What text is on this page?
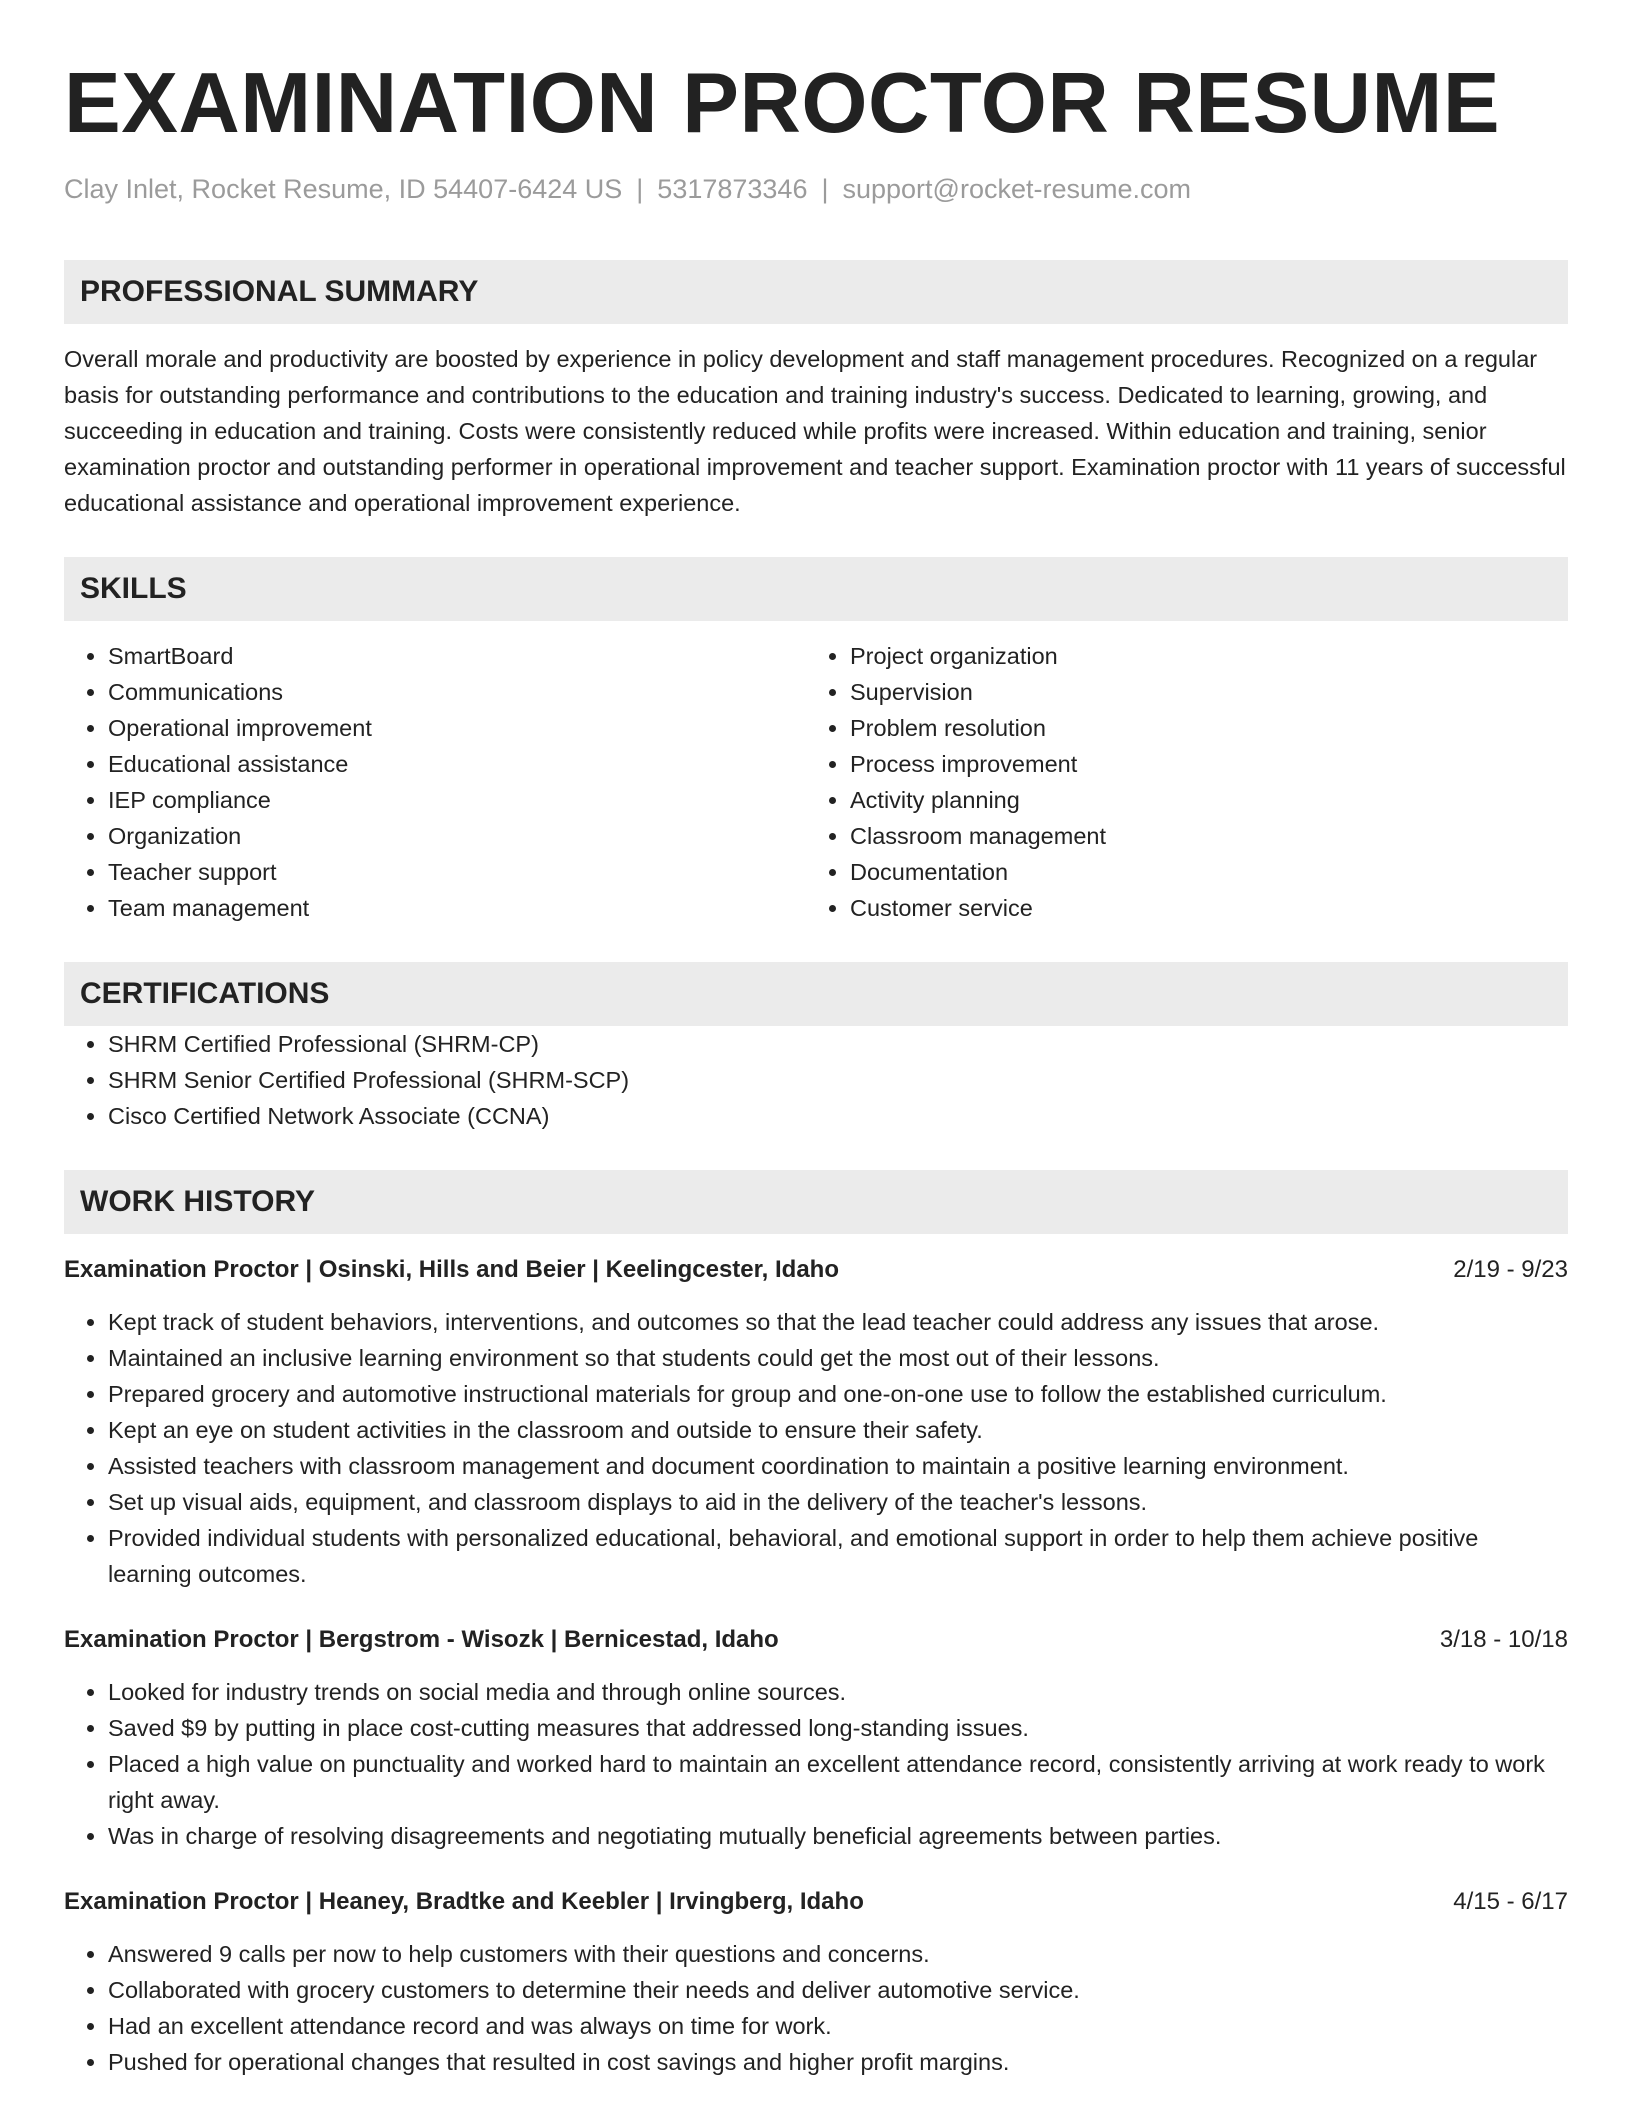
EXAMINATION PROCTOR RESUME
Clay Inlet, Rocket Resume, ID 54407-6424 US | 5317873346 | support@rocket-resume.com
PROFESSIONAL SUMMARY

Overall morale and productivity are boosted by experience in policy development and staff management procedures. Recognized on a regular basis for outstanding performance and contributions to the education and training industry's success. Dedicated to learning, growing, and succeeding in education and training. Costs were consistently reduced while profits were increased. Within education and training, senior examination proctor and outstanding performer in operational improvement and teacher support. Examination proctor with 11 years of successful educational assistance and operational improvement experience.

SKILLS
• SmartBoard
• Communications
• Operational improvement
• Educational assistance
• IEP compliance
• Organization
• Teacher support
• Team management
• Project organization
• Supervision
• Problem resolution
• Process improvement
• Activity planning
• Classroom management
• Documentation
• Customer service
CERTIFICATIONS
• SHRM Certified Professional (SHRM-CP)
• SHRM Senior Certified Professional (SHRM-SCP)
• Cisco Certified Network Associate (CCNA)
WORK HISTORY
Examination Proctor | Osinski, Hills and Beier | Keelingcester, Idaho	2/19 - 9/23
• Kept track of student behaviors, interventions, and outcomes so that the lead teacher could address any issues that arose.
• Maintained an inclusive learning environment so that students could get the most out of their lessons.
• Prepared grocery and automotive instructional materials for group and one-on-one use to follow the established curriculum.
• Kept an eye on student activities in the classroom and outside to ensure their safety.
• Assisted teachers with classroom management and document coordination to maintain a positive learning environment.
• Set up visual aids, equipment, and classroom displays to aid in the delivery of the teacher's lessons.
• Provided individual students with personalized educational, behavioral, and emotional support in order to help them achieve positive learning outcomes.
Examination Proctor | Bergstrom - Wisozk | Bernicestad, Idaho	3/18 - 10/18
• Looked for industry trends on social media and through online sources.
• Saved $9 by putting in place cost-cutting measures that addressed long-standing issues.
• Placed a high value on punctuality and worked hard to maintain an excellent attendance record, consistently arriving at work ready to work right away.
• Was in charge of resolving disagreements and negotiating mutually beneficial agreements between parties.
Examination Proctor | Heaney, Bradtke and Keebler | Irvingberg, Idaho	4/15 - 6/17
• Answered 9 calls per now to help customers with their questions and concerns.
• Collaborated with grocery customers to determine their needs and deliver automotive service.
• Had an excellent attendance record and was always on time for work.
• Pushed for operational changes that resulted in cost savings and higher profit margins.
